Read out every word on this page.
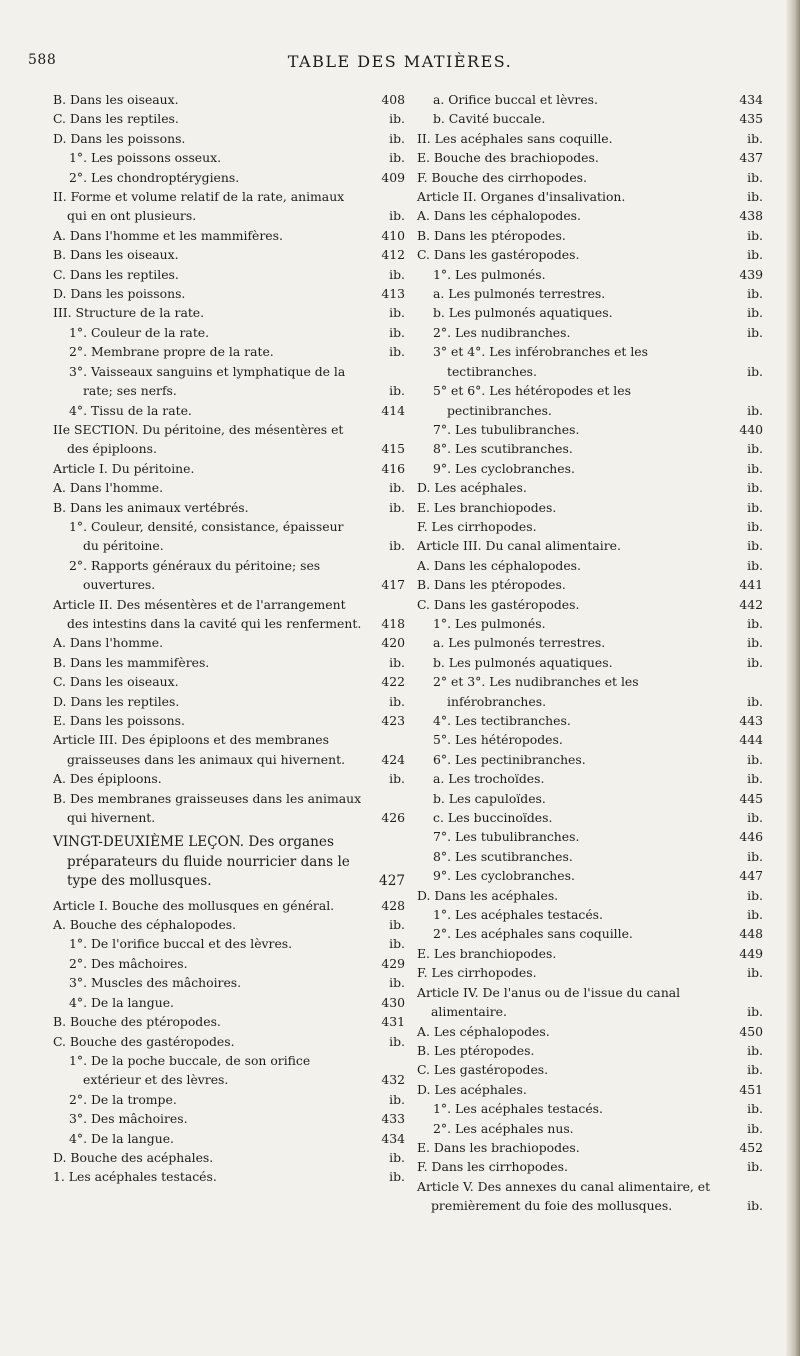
588	TABLE DES MATIÈRES.
B. Dans les oiseaux.	408
C. Dans les reptiles.	ib.
D. Dans les poissons.	ib.
1°. Les poissons osseux.	ib.
2°. Les chondroptérygiens.	409
II. Forme et volume relatif de la rate, animaux qui en ont plusieurs.	ib.
A. Dans l'homme et les mammifères.	410
B. Dans les oiseaux.	412
C. Dans les reptiles.	ib.
D. Dans les poissons.	413
III. Structure de la rate.	ib.
1°. Couleur de la rate.	ib.
2°. Membrane propre de la rate.	ib.
3°. Vaisseaux sanguins et lymphatique de la rate; ses nerfs.	ib.
4°. Tissu de la rate.	414
IIe SECTION. Du péritoine, des mésentères et des épiploons.	415
Article I. Du péritoine.	416
A. Dans l'homme.	ib.
B. Dans les animaux vertébrés.	ib.
1°. Couleur, densité, consistance, épaisseur du péritoine.	ib.
2°. Rapports généraux du péritoine; ses ouvertures.	417
Article II. Des mésentères et de l'arrangement des intestins dans la cavité qui les renferment.	418
A. Dans l'homme.	420
B. Dans les mammifères.	ib.
C. Dans les oiseaux.	422
D. Dans les reptiles.	ib.
E. Dans les poissons.	423
Article III. Des épiploons et des membranes graisseuses dans les animaux qui hivernent.	424
A. Des épiploons.	ib.
B. Des membranes graisseuses dans les animaux qui hivernent.	426
VINGT-DEUXIÈME LEÇON. Des organes préparateurs du fluide nourricier dans le type des mollusques.	427
Article I. Bouche des mollusques en général.	428
A. Bouche des céphalopodes.	ib.
1°. De l'orifice buccal et des lèvres.	ib.
2°. Des mâchoires.	429
3°. Muscles des mâchoires.	ib.
4°. De la langue.	430
B. Bouche des ptéropodes.	431
C. Bouche des gastéropodes.	ib.
1°. De la poche buccale, de son orifice extérieur et des lèvres.	432
2°. De la trompe.	ib.
3°. Des mâchoires.	433
4°. De la langue.	434
D. Bouche des acéphales.	ib.
1. Les acéphales testacés.	ib.
a. Orifice buccal et lèvres.	434
b. Cavité buccale.	435
II. Les acéphales sans coquille.	ib.
E. Bouche des brachiopodes.	437
F. Bouche des cirrhopodes.	ib.
Article II. Organes d'insalivation.	ib.
A. Dans les céphalopodes.	438
B. Dans les ptéropodes.	ib.
C. Dans les gastéropodes.	ib.
1°. Les pulmonés.	439
a. Les pulmonés terrestres.	ib.
b. Les pulmonés aquatiques.	ib.
2°. Les nudibranches.	ib.
3° et 4°. Les inférobranches et les tectibranches.	ib.
5° et 6°. Les hétéropodes et les pectinibranches.	ib.
7°. Les tubulibranches.	440
8°. Les scutibranches.	ib.
9°. Les cyclobranches.	ib.
D. Les acéphales.	ib.
E. Les branchiopodes.	ib.
F. Les cirrhopodes.	ib.
Article III. Du canal alimentaire.	ib.
A. Dans les céphalopodes.	ib.
B. Dans les ptéropodes.	441
C. Dans les gastéropodes.	442
1°. Les pulmonés.	ib.
a. Les pulmonés terrestres.	ib.
b. Les pulmonés aquatiques.	ib.
2° et 3°. Les nudibranches et les inférobranches.	ib.
4°. Les tectibranches.	443
5°. Les hétéropodes.	444
6°. Les pectinibranches.	ib.
a. Les trochoïdes.	ib.
b. Les capuloïdes.	445
c. Les buccinoïdes.	ib.
7°. Les tubulibranches.	446
8°. Les scutibranches.	ib.
9°. Les cyclobranches.	447
D. Dans les acéphales.	ib.
1°. Les acéphales testacés.	ib.
2°. Les acéphales sans coquille.	448
E. Les branchiopodes.	449
F. Les cirrhopodes.	ib.
Article IV. De l'anus ou de l'issue du canal alimentaire.	ib.
A. Les céphalopodes.	450
B. Les ptéropodes.	ib.
C. Les gastéropodes.	ib.
D. Les acéphales.	451
1°. Les acéphales testacés.	ib.
2°. Les acéphales nus.	ib.
E. Dans les brachiopodes.	452
F. Dans les cirrhopodes.	ib.
Article V. Des annexes du canal alimentaire, et premièrement du foie des mollusques.	ib.
